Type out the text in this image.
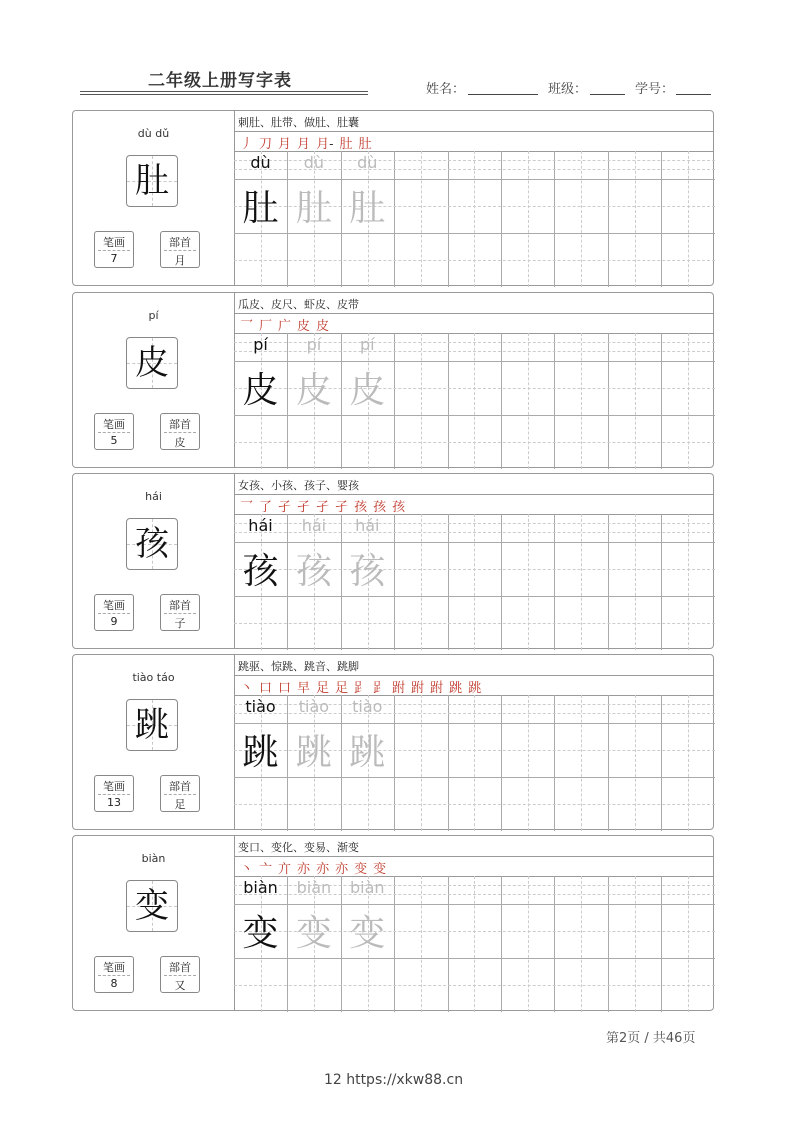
二年级上册写字表	姓名：	班级：	学号：
dù dǔ
肚
笔画
7
部首
月
刺肚、肚带、做肚、肚囊
丿 刀 月 月 月- 肚 肚
dù
肚
dù
肚
dù
肚
pí
皮
笔画
5
部首
皮
瓜皮、皮尺、虾皮、皮带
乛 厂 广 皮 皮
pí
皮
pí
皮
pí
皮
hái
孩
笔画
9
部首
子
女孩、小孩、孩子、婴孩
乛 了 孑 孑 孑 孑 孩 孩 孩
hái
孩
hái
孩
hái
孩
tiào táo
跳
笔画
13
部首
足
跳驱、惊跳、跳音、跳脚
丶 口 口 早 足 足 𧾷 𧾷 跗 跗 跗 跳 跳
tiào
跳
tiào
跳
tiào
跳
biàn
变
笔画
8
部首
又
变口、变化、变易、渐变
丶 亠 亣 亦 亦 亦 变 变
biàn
变
biàn
变
biàn
变
第2页 / 共46页
12 https://xkw88.cn
